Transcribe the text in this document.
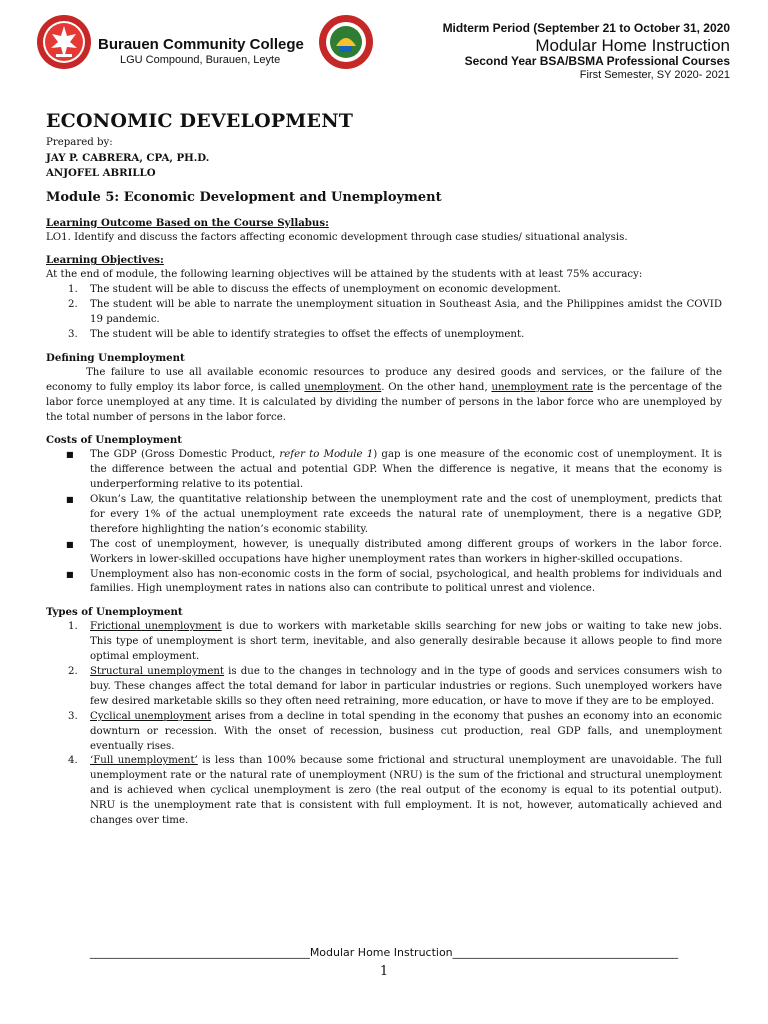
Burauen Community College
LGU Compound, Burauen, Leyte
Midterm Period (September 21 to October 31, 2020
Modular Home Instruction
Second Year BSA/BSMA Professional Courses
First Semester, SY 2020- 2021
ECONOMIC DEVELOPMENT

Prepared by:

JAY P. CABRERA, CPA, PH.D.

ANJOFEL ABRILLO

Module 5: Economic Development and Unemployment

Learning Outcome Based on the Course Syllabus:

LO1. Identify and discuss the factors affecting economic development through case studies/ situational analysis.

Learning Objectives:

At the end of module, the following learning objectives will be attained by the students with at least 75% accuracy:

1.	The student will be able to discuss the effects of unemployment on economic development.
2.	The student will be able to narrate the unemployment situation in Southeast Asia, and the Philippines amidst the COVID 19 pandemic.
3.	The student will be able to identify strategies to offset the effects of unemployment.

Defining Unemployment

The failure to use all available economic resources to produce any desired goods and services, or the failure of the economy to fully employ its labor force, is called unemployment. On the other hand, unemployment rate is the percentage of the labor force unemployed at any time. It is calculated by dividing the number of persons in the labor force who are unemployed by the total number of persons in the labor force.

Costs of Unemployment

■	The GDP (Gross Domestic Product, refer to Module 1) gap is one measure of the economic cost of unemployment. It is the difference between the actual and potential GDP. When the difference is negative, it means that the economy is underperforming relative to its potential.
■	Okun’s Law, the quantitative relationship between the unemployment rate and the cost of unemployment, predicts that for every 1% of the actual unemployment rate exceeds the natural rate of unemployment, there is a negative GDP, therefore highlighting the nation’s economic stability.
■	The cost of unemployment, however, is unequally distributed among different groups of workers in the labor force. Workers in lower-skilled occupations have higher unemployment rates than workers in higher-skilled occupations.
■	Unemployment also has non-economic costs in the form of social, psychological, and health problems for individuals and families. High unemployment rates in nations also can contribute to political unrest and violence.

Types of Unemployment

1.	Frictional unemployment is due to workers with marketable skills searching for new jobs or waiting to take new jobs. This type of unemployment is short term, inevitable, and also generally desirable because it allows people to find more optimal employment.
2.	Structural unemployment is due to the changes in technology and in the type of goods and services consumers wish to buy. These changes affect the total demand for labor in particular industries or regions. Such unemployed workers have few desired marketable skills so they often need retraining, more education, or have to move if they are to be employed.
3.	Cyclical unemployment arises from a decline in total spending in the economy that pushes an economy into an economic downturn or recession. With the onset of recession, business cut production, real GDP falls, and unemployment eventually rises.
4.	‘Full unemployment’ is less than 100% because some frictional and structural unemployment are unavoidable. The full unemployment rate or the natural rate of unemployment (NRU) is the sum of the frictional and structural unemployment and is achieved when cyclical unemployment is zero (the real output of the economy is equal to its potential output). NRU is the unemployment rate that is consistent with full employment. It is not, however, automatically achieved and changes over time.
________________________________________Modular Home Instruction_________________________________________
1
